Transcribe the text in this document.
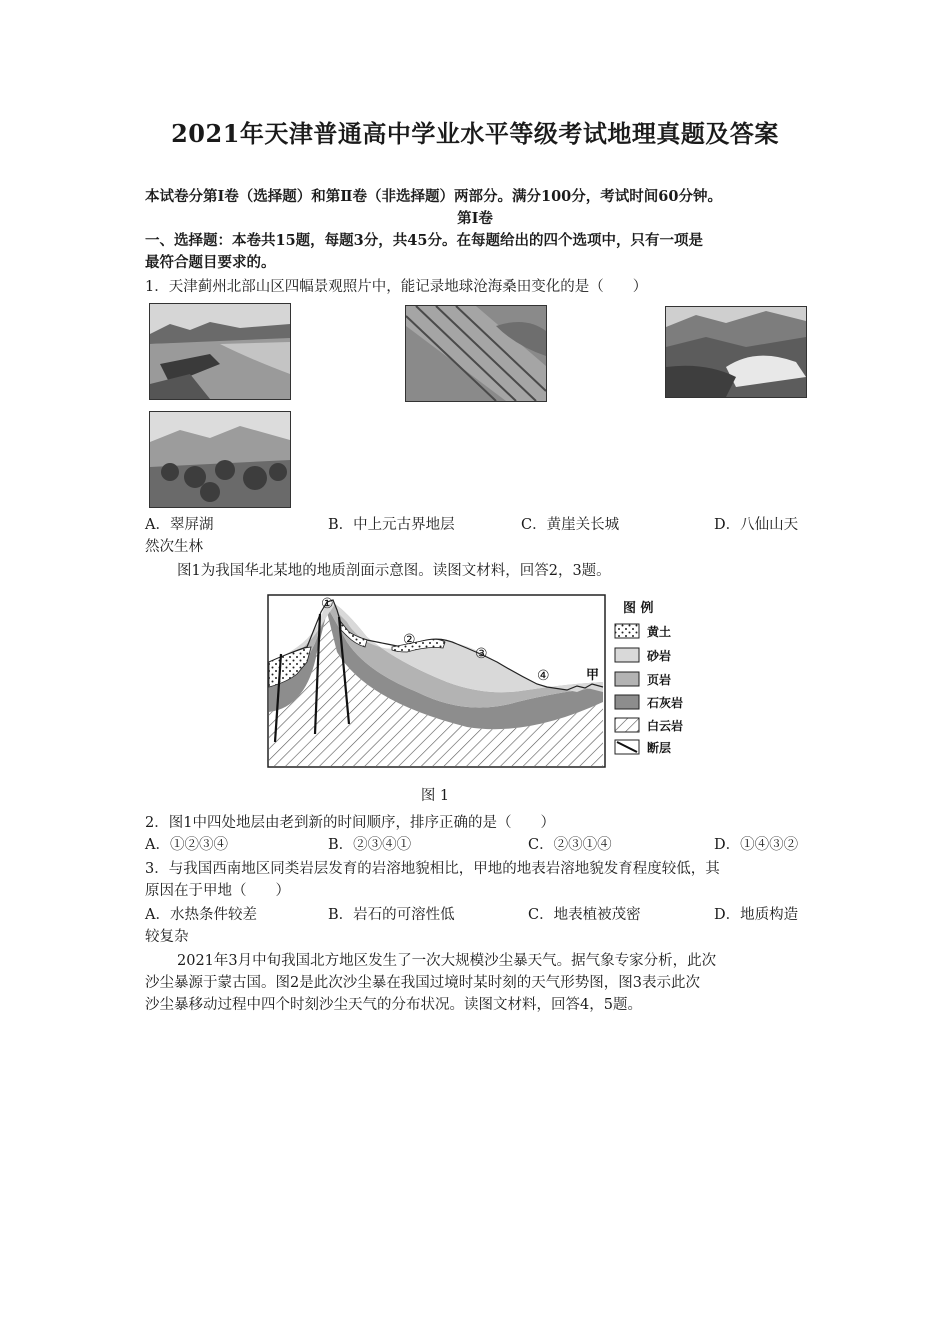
2021年天津普通高中学业水平等级考试地理真题及答案
本试卷分第Ⅰ卷（选择题）和第Ⅱ卷（非选择题）两部分。满分100分，考试时间60分钟。
第Ⅰ卷
一、选择题：本卷共15题，每题3分，共45分。在每题给出的四个选项中，只有一项是
最符合题目要求的。
1．天津蓟州北部山区四幅景观照片中，能记录地球沧海桑田变化的是（　　）
A．翠屏湖	B．中上元古界地层	C．黄崖关长城	D．八仙山天
然次生林
图1为我国华北某地的地质剖面示意图。读图文材料，回答2，3题。
①
②
③
④	甲
图 例
黄土
砂岩
页岩
石灰岩
白云岩
断层
图 1
2．图1中四处地层由老到新的时间顺序，排序正确的是（　　）
A．①②③④	B．②③④①	C．②③①④	D．①④③②
3．与我国西南地区同类岩层发育的岩溶地貌相比，甲地的地表岩溶地貌发育程度较低，其
原因在于甲地（　　）
A．水热条件较差	B．岩石的可溶性低	C．地表植被茂密	D．地质构造
较复杂
2021年3月中旬我国北方地区发生了一次大规模沙尘暴天气。据气象专家分析，此次
沙尘暴源于蒙古国。图2是此次沙尘暴在我国过境时某时刻的天气形势图，图3表示此次
沙尘暴移动过程中四个时刻沙尘天气的分布状况。读图文材料，回答4，5题。
